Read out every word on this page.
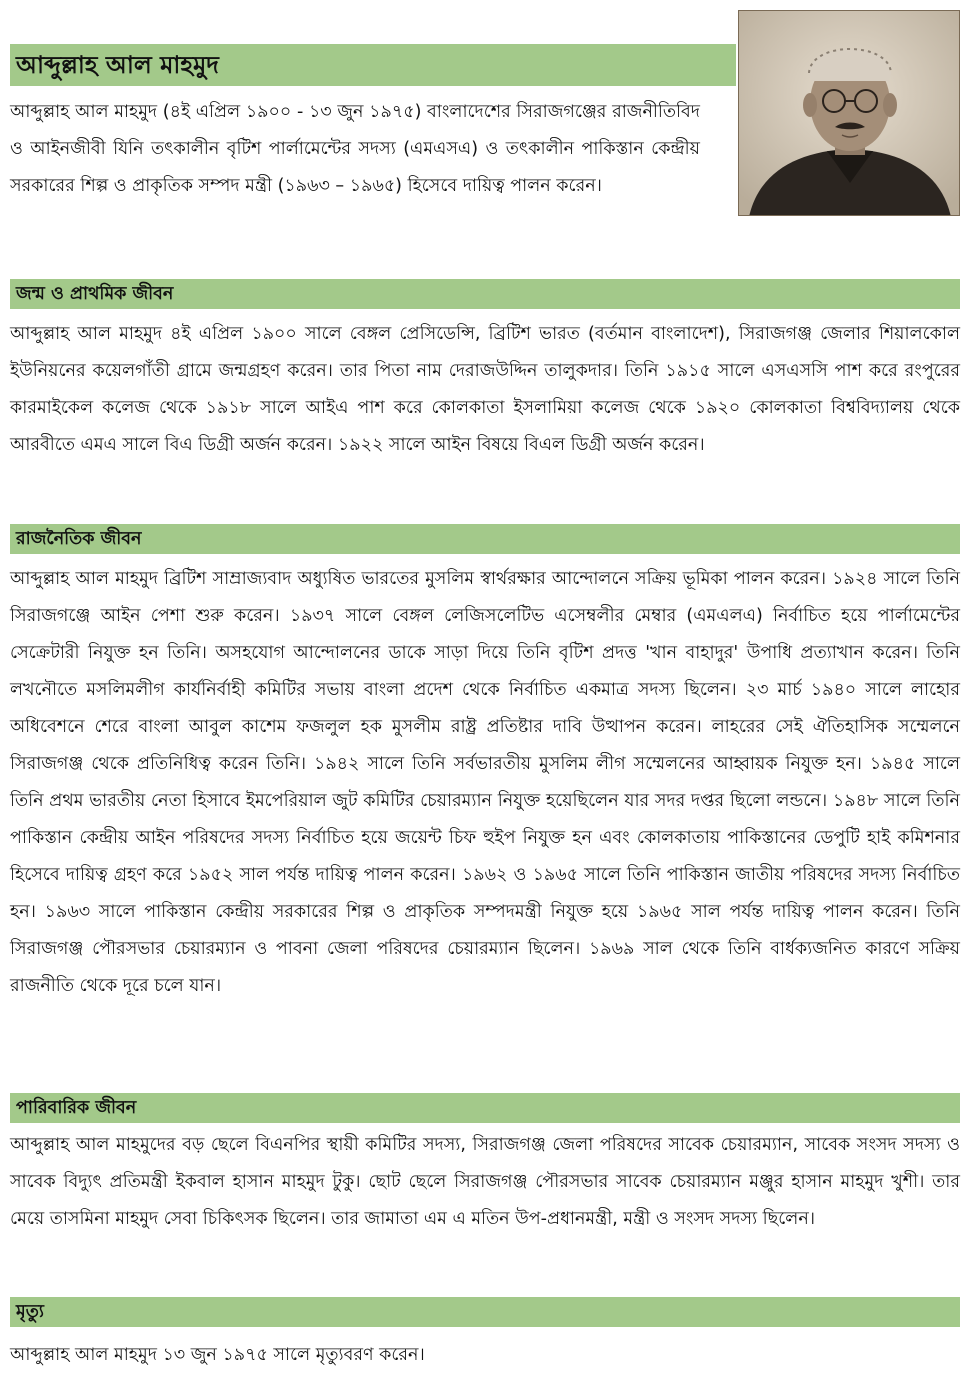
আব্দুল্লাহ আল মাহমুদ
আব্দুল্লাহ আল মাহমুদ (৪ই এপ্রিল ১৯০০ - ১৩ জুন ১৯৭৫) বাংলাদেশের সিরাজগঞ্জের রাজনীতিবিদ ও আইনজীবী যিনি তৎকালীন বৃটিশ পার্লামেন্টের সদস্য (এমএসএ) ও তৎকালীন পাকিস্তান কেন্দ্রীয় সরকারের শিল্প ও প্রাকৃতিক সম্পদ মন্ত্রী (১৯৬৩ – ১৯৬৫) হিসেবে দায়িত্ব পালন করেন।
জন্ম ও প্রাথমিক জীবন
আব্দুল্লাহ আল মাহমুদ ৪ই এপ্রিল ১৯০০ সালে বেঙ্গল প্রেসিডেন্সি, ব্রিটিশ ভারত (বর্তমান বাংলাদেশ), সিরাজগঞ্জ জেলার শিয়ালকোল ইউনিয়নের কয়েলগাঁতী গ্রামে জন্মগ্রহণ করেন। তার পিতা নাম দেরাজউদ্দিন তালুকদার। তিনি ১৯১৫ সালে এসএসসি পাশ করে রংপুরের কারমাইকেল কলেজ থেকে ১৯১৮ সালে আইএ পাশ করে কোলকাতা ইসলামিয়া কলেজ থেকে ১৯২০ কোলকাতা বিশ্ববিদ্যালয় থেকে আরবীতে এমএ সালে বিএ ডিগ্রী অর্জন করেন। ১৯২২ সালে আইন বিষয়ে বিএল ডিগ্রী অর্জন করেন।
রাজনৈতিক জীবন
আব্দুল্লাহ আল মাহমুদ ব্রিটিশ সাম্রাজ্যবাদ অধ্যুষিত ভারতের মুসলিম স্বার্থরক্ষার আন্দোলনে সক্রিয় ভূমিকা পালন করেন। ১৯২৪ সালে তিনি সিরাজগঞ্জে আইন পেশা শুরু করেন। ১৯৩৭ সালে বেঙ্গল লেজিসলেটিভ এসেম্বলীর মেম্বার (এমএলএ) নির্বাচিত হয়ে পার্লামেন্টের সেক্রেটারী নিযুক্ত হন তিনি। অসহযোগ আন্দোলনের ডাকে সাড়া দিয়ে তিনি বৃটিশ প্রদত্ত 'খান বাহাদুর' উপাধি প্রত্যাখান করেন। তিনি লখনৌতে মসলিমলীগ কার্যনির্বাহী কমিটির সভায় বাংলা প্রদেশ থেকে নির্বাচিত একমাত্র সদস্য ছিলেন। ২৩ মার্চ ১৯৪০ সালে লাহোর অধিবেশনে শেরে বাংলা আবুল কাশেম ফজলুল হক মুসলীম রাষ্ট্র প্রতিষ্টার দাবি উত্থাপন করেন। লাহরের সেই ঐতিহাসিক সম্মেলনে সিরাজগঞ্জ থেকে প্রতিনিধিত্ব করেন তিনি। ১৯৪২ সালে তিনি সর্বভারতীয় মুসলিম লীগ সম্মেলনের আহ্বায়ক নিযুক্ত হন। ১৯৪৫ সালে তিনি প্রথম ভারতীয় নেতা হিসাবে ইমপেরিয়াল জুট কমিটির চেয়ারম্যান নিযুক্ত হয়েছিলেন যার সদর দপ্তর ছিলো লন্ডনে। ১৯৪৮ সালে তিনি পাকিস্তান কেন্দ্রীয় আইন পরিষদের সদস্য নির্বাচিত হয়ে জয়েন্ট চিফ হুইপ নিযুক্ত হন এবং কোলকাতায় পাকিস্তানের ডেপুটি হাই কমিশনার হিসেবে দায়িত্ব গ্রহণ করে ১৯৫২ সাল পর্যন্ত দায়িত্ব পালন করেন। ১৯৬২ ও ১৯৬৫ সালে তিনি পাকিস্তান জাতীয় পরিষদের সদস্য নির্বাচিত হন। ১৯৬৩ সালে পাকিস্তান কেন্দ্রীয় সরকারের শিল্প ও প্রাকৃতিক সম্পদমন্ত্রী নিযুক্ত হয়ে ১৯৬৫ সাল পর্যন্ত দায়িত্ব পালন করেন। তিনি সিরাজগঞ্জ পৌরসভার চেয়ারম্যান ও পাবনা জেলা পরিষদের চেয়ারম্যান ছিলেন। ১৯৬৯ সাল থেকে তিনি বার্ধক্যজনিত কারণে সক্রিয় রাজনীতি থেকে দূরে চলে যান।
পারিবারিক জীবন
আব্দুল্লাহ আল মাহমুদের বড় ছেলে বিএনপির স্থায়ী কমিটির সদস্য, সিরাজগঞ্জ জেলা পরিষদের সাবেক চেয়ারম্যান, সাবেক সংসদ সদস্য ও সাবেক বিদ্যুৎ প্রতিমন্ত্রী ইকবাল হাসান মাহমুদ টুকু। ছোট ছেলে সিরাজগঞ্জ পৌরসভার সাবেক চেয়ারম্যান মঞ্জুর হাসান মাহমুদ খুশী। তার মেয়ে তাসমিনা মাহমুদ সেবা চিকিৎসক ছিলেন। তার জামাতা এম এ মতিন উপ-প্রধানমন্ত্রী, মন্ত্রী ও সংসদ সদস্য ছিলেন।
মৃত্যু
আব্দুল্লাহ আল মাহমুদ ১৩ জুন ১৯৭৫ সালে মৃত্যুবরণ করেন।
